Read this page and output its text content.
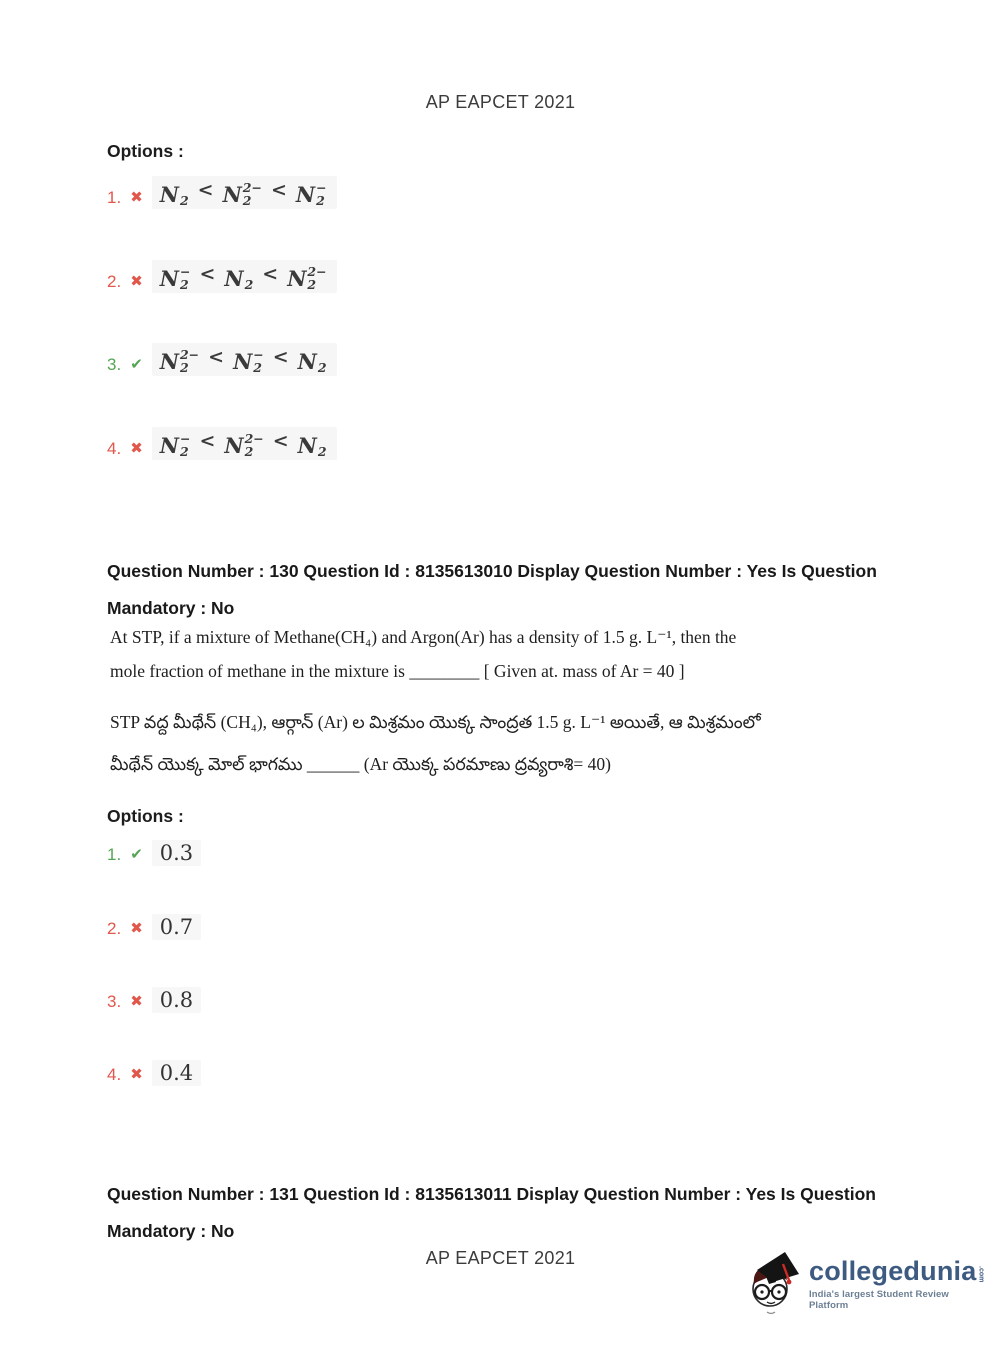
AP EAPCET 2021
Options :
1. ✖ N
2 < N 2−
2	< N −
2
2. ✖ N −
2 < N
2 < N 2−
2
3. ✔ N 2−
2	< N −
2 < N
2
4. ✖ N −
2 < N 2−
2	< N
2
Question Number : 130 Question Id : 8135613010 Display Question Number : Yes Is Question Mandatory : No
At STP, if a mixture of Methane(CH₄) and Argon(Ar) has a density of 1.5 g. L⁻¹, then the
mole fraction of methane in the mixture is ________ [ Given at. mass of Ar = 40 ]
STP వద్ద మీథేన్ (CH₄), ఆర్గాన్ (Ar) ల మిశ్రమం యొక్క సాంద్రత 1.5 g. L⁻¹ అయితే, ఆ మిశ్రమంలో
మీథేన్ యొక్క మోల్ భాగము ______ (Ar యొక్క పరమాణు ద్రవ్యరాశి= 40)
Options :
1. ✔ 0.3
2. ✖ 0.7
3. ✖ 0.8
4. ✖ 0.4
Question Number : 131 Question Id : 8135613011 Display Question Number : Yes Is Question Mandatory : No
AP EAPCET 2021	collegedunia .com
India's largest Student Review Platform
